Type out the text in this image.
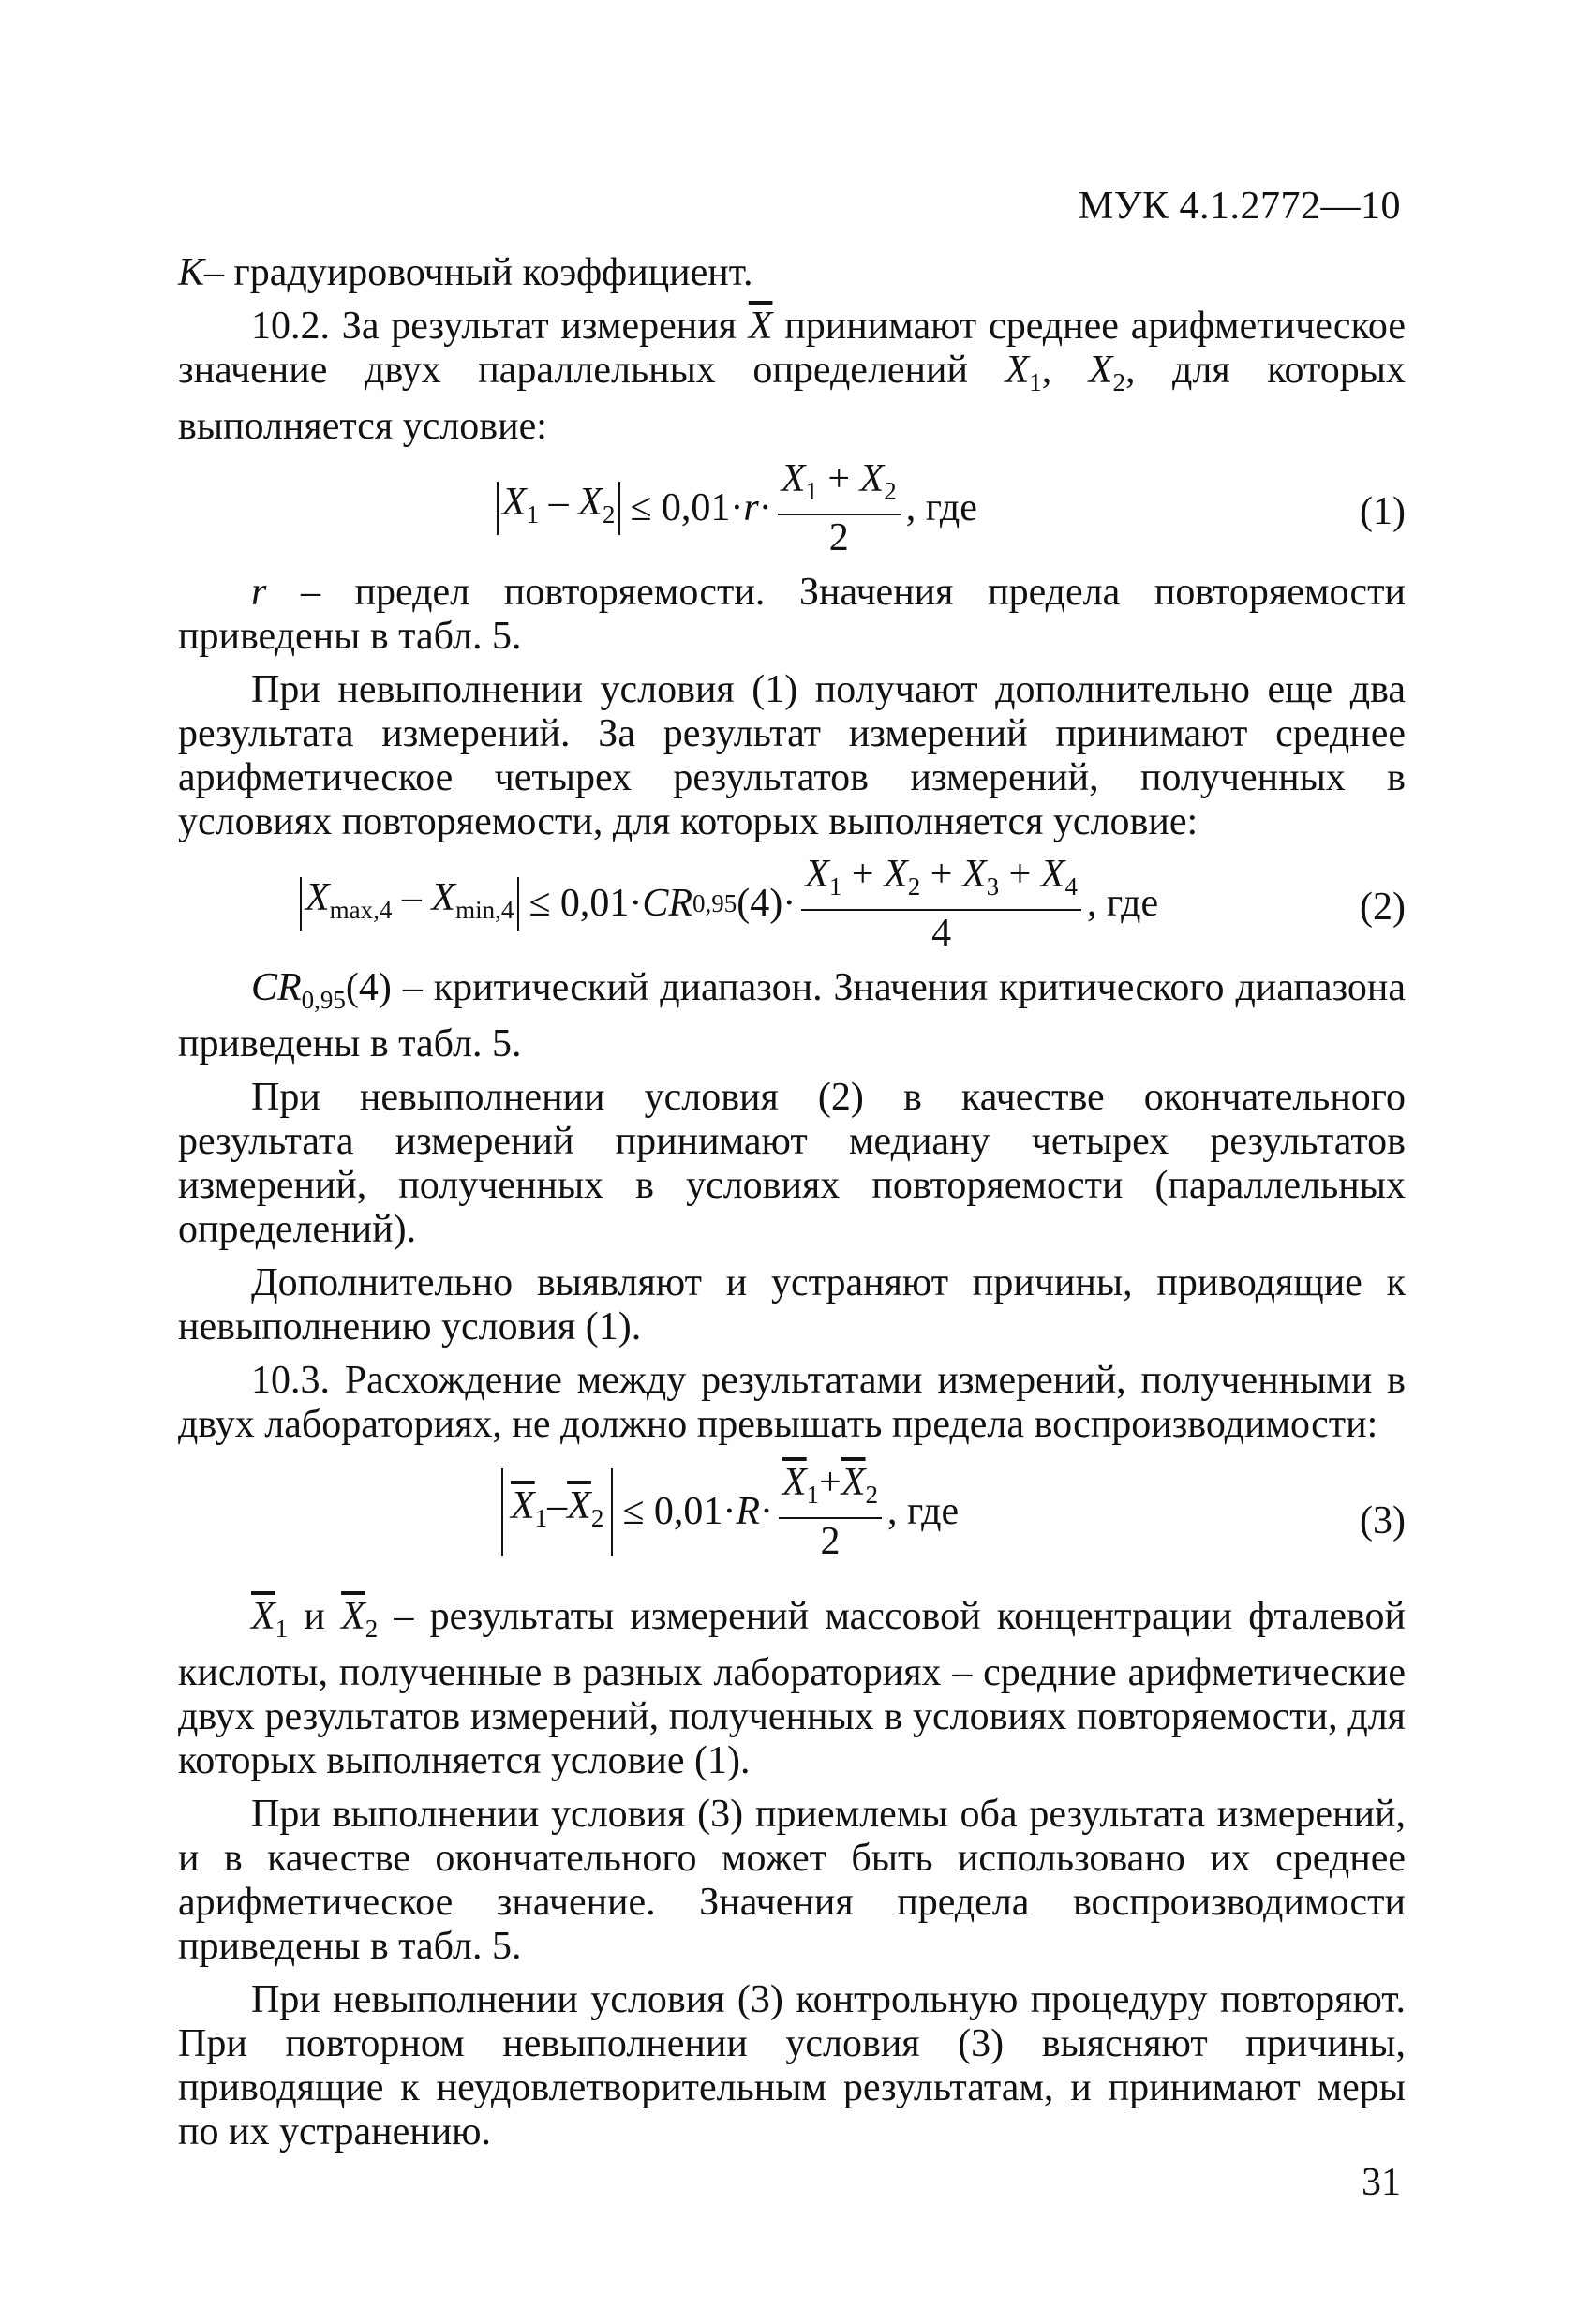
МУК 4.1.2772—10

K– градуировочный коэффициент.

10.2. За результат измерения $\overline{X}$ принимают среднее арифметическое значение двух параллельных определений $X_1$, $X_2$, для которых выполняется условие:

$X_1 - X_2 \le 0,01\cdot r \cdot \frac{X_1 + X_2}{2}$ , где	(1)

r – предел повторяемости. Значения предела повторяемости приведены в табл. 5.

При невыполнении условия (1) получают дополнительно еще два результата измерений. За результат измерений принимают среднее арифметическое четырех результатов измерений, полученных в условиях повторяемости, для которых выполняется условие:

$X_{max,4} - X_{min,4} \le 0,01\cdot$ CR 0,95 $(4)\cdot \frac{X_1 + X_2 + X_3 + X_4}{4}$ , где	(2)

$CR_{0,95}(4)$ – критический диапазон. Значения критического диапазона приведены в табл. 5.

При невыполнении условия (2) в качестве окончательного результата измерений принимают медиану четырех результатов измерений, полученных в условиях повторяемости (параллельных определений).

Дополнительно выявляют и устраняют причины, приводящие к невыполнению условия (1).

10.3. Расхождение между результатами измерений, полученными в двух лабораториях, не должно превышать предела воспроизводимости:

$\overline{X}_1-\overline{X}_2 \le 0,01\cdot R \cdot \frac{\overline{X}_1+\overline{X}_2}{2}$ , где	(3)

$\overline{X}_1$ и $\overline{X}_2$ – результаты измерений массовой концентрации фталевой кислоты, полученные в разных лабораториях – средние арифметические двух результатов измерений, полученных в условиях повторяемости, для которых выполняется условие (1).

При выполнении условия (3) приемлемы оба результата измерений, и в качестве окончательного может быть использовано их среднее арифметическое значение. Значения предела воспроизводимости приведены в табл. 5.

При невыполнении условия (3) контрольную процедуру повторяют. При повторном невыполнении условия (3) выясняют причины, приводящие к неудовлетворительным результатам, и принимают меры по их устранению.

31
